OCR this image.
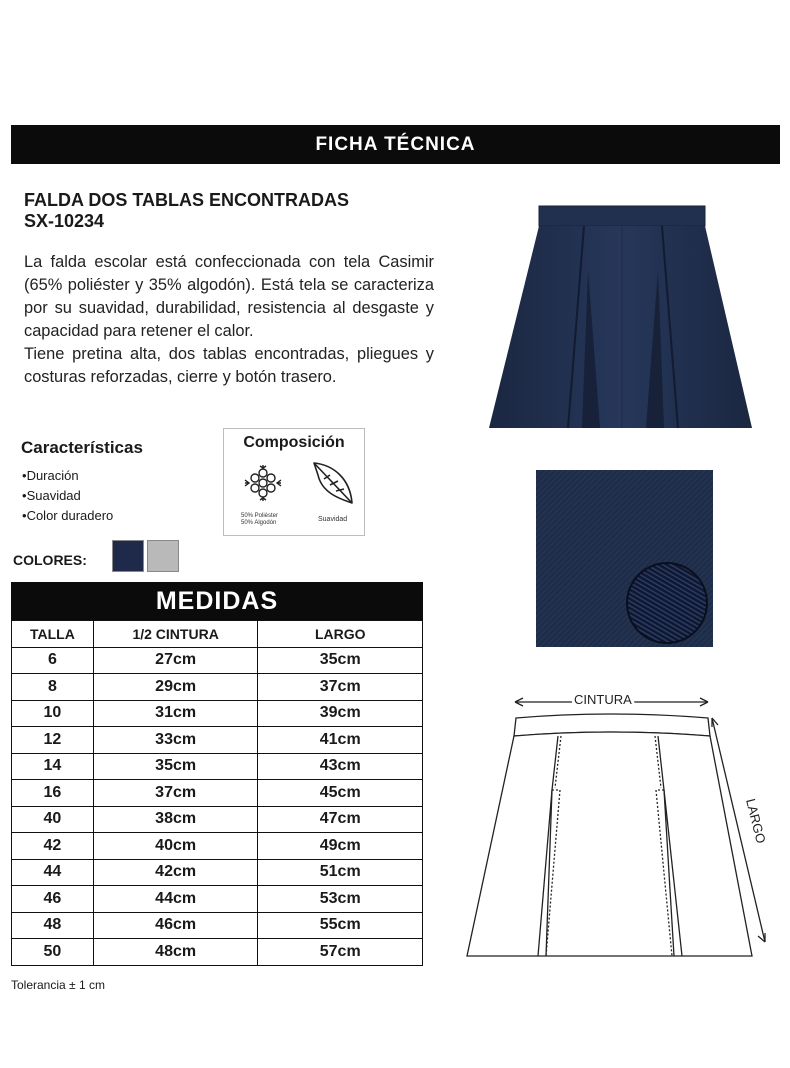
FICHA TÉCNICA
FALDA DOS TABLAS ENCONTRADAS
SX-10234

La falda escolar está confeccionada con tela Casimir (65% poliéster y 35% algodón). Está tela se caracteriza por su suavidad, durabilidad, resistencia al desgaste y capacidad para retener el calor.

Tiene pretina alta, dos tablas encontradas, pliegues y costuras reforzadas, cierre y botón trasero.

Características
• Duración
• Suavidad
• Color duradero
Composición
50% Poliéster
50% Algodón	Suavidad
COLORES:
MEDIDAS
TALLA	1/2 CINTURA	LARGO
6	27cm	35cm
8	29cm	37cm
10	31cm	39cm
12	33cm	41cm
14	35cm	43cm
16	37cm	45cm
40	38cm	47cm
42	40cm	49cm
44	42cm	51cm
46	44cm	53cm
48	46cm	55cm
50	48cm	57cm
Tolerancia ± 1 cm
CINTURA
LARGO
